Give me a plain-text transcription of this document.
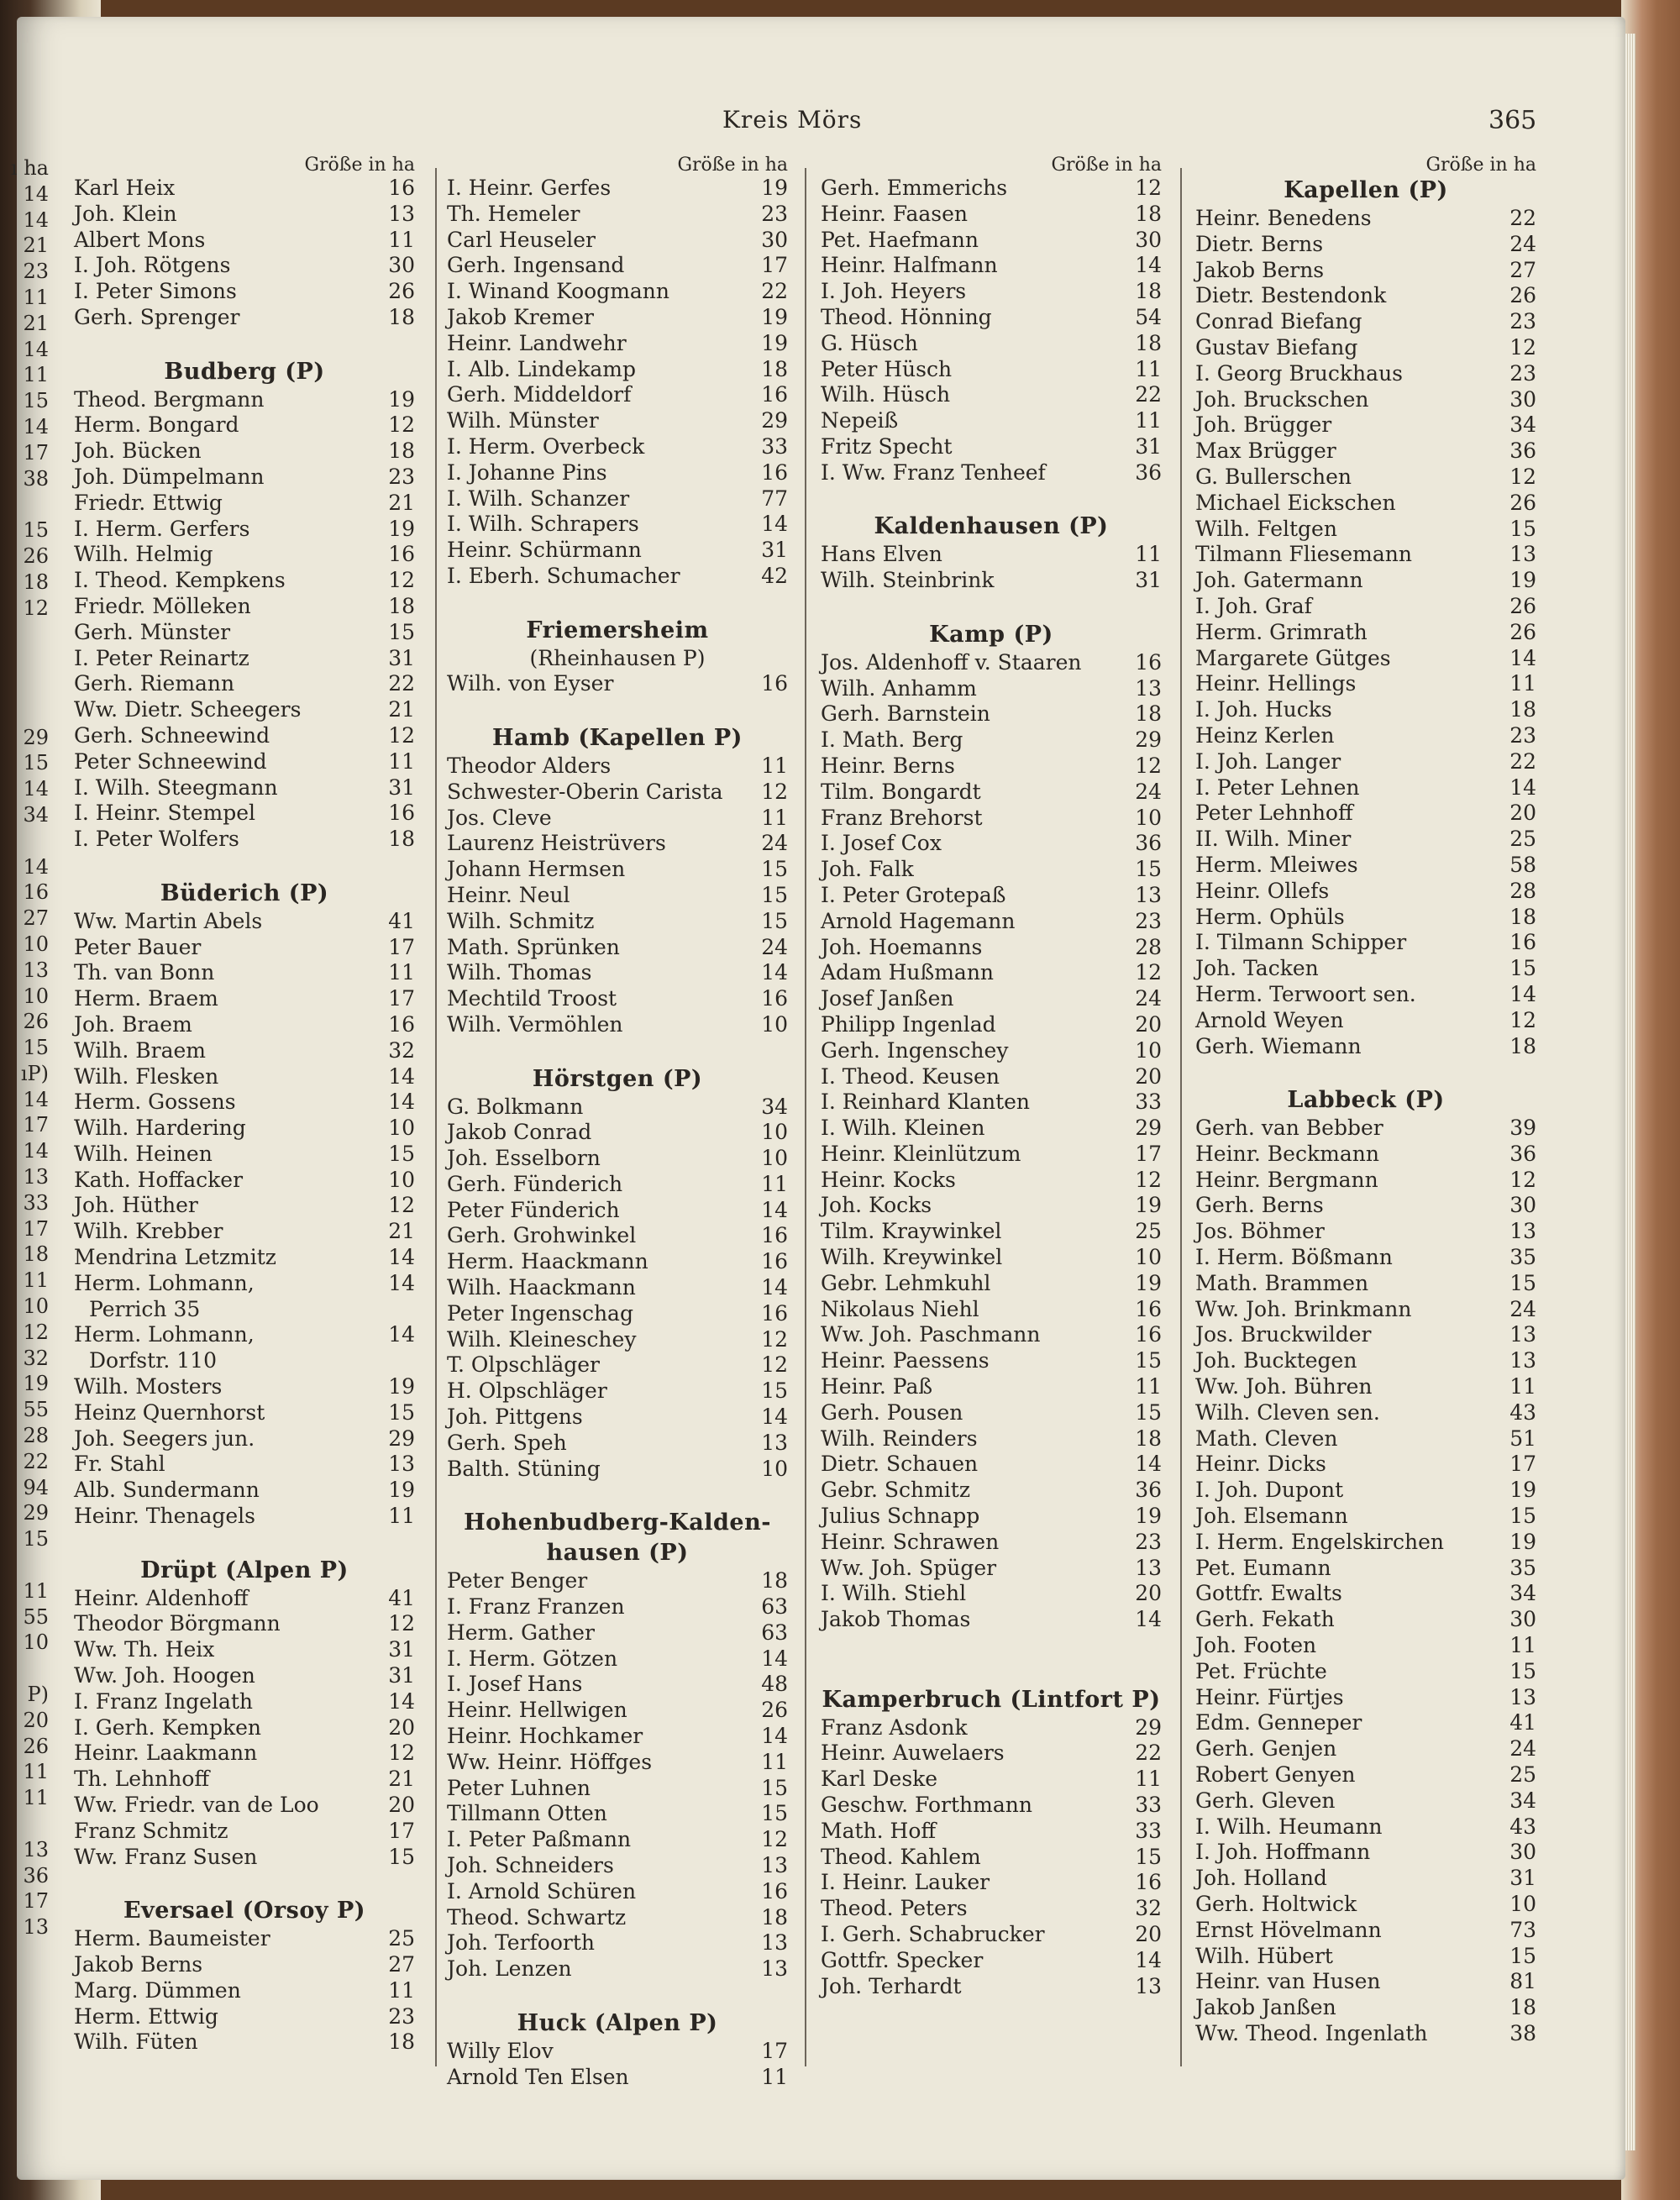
Kreis Mörs	365
ı ha
14
14
21
23
11
21
14
11
15
14
17
38
15
26
18
12
29
15
14
34
14
16
27
10
13
10
26
15
ıP)
14
17
14
13
33
17
18
11
10
12
32
19
55
28
22
94
29
15
11
55
10
P)
20
26
11
11
13
36
17
13
Größe in ha
Karl Heix	16
Joh. Klein	13
Albert Mons	11
I. Joh. Rötgens	30
I. Peter Simons	26
Gerh. Sprenger	18
Budberg (P)
Theod. Bergmann	19
Herm. Bongard	12
Joh. Bücken	18
Joh. Dümpelmann	23
Friedr. Ettwig	21
I. Herm. Gerfers	19
Wilh. Helmig	16
I. Theod. Kempkens	12
Friedr. Mölleken	18
Gerh. Münster	15
I. Peter Reinartz	31
Gerh. Riemann	22
Ww. Dietr. Scheegers	21
Gerh. Schneewind	12
Peter Schneewind	11
I. Wilh. Steegmann	31
I. Heinr. Stempel	16
I. Peter Wolfers	18
Büderich (P)
Ww. Martin Abels	41
Peter Bauer	17
Th. van Bonn	11
Herm. Braem	17
Joh. Braem	16
Wilh. Braem	32
Wilh. Flesken	14
Herm. Gossens	14
Wilh. Hardering	10
Wilh. Heinen	15
Kath. Hoffacker	10
Joh. Hüther	12
Wilh. Krebber	21
Mendrina Letzmitz	14
Herm. Lohmann,	14
Perrich 35
Herm. Lohmann,	14
Dorfstr. 110
Wilh. Mosters	19
Heinz Quernhorst	15
Joh. Seegers jun.	29
Fr. Stahl	13
Alb. Sundermann	19
Heinr. Thenagels	11
Drüpt (Alpen P)
Heinr. Aldenhoff	41
Theodor Börgmann	12
Ww. Th. Heix	31
Ww. Joh. Hoogen	31
I. Franz Ingelath	14
I. Gerh. Kempken	20
Heinr. Laakmann	12
Th. Lehnhoff	21
Ww. Friedr. van de Loo	20
Franz Schmitz	17
Ww. Franz Susen	15
Eversael (Orsoy P)
Herm. Baumeister	25
Jakob Berns	27
Marg. Dümmen	11
Herm. Ettwig	23
Wilh. Füten	18
Größe in ha
I. Heinr. Gerfes	19
Th. Hemeler	23
Carl Heuseler	30
Gerh. Ingensand	17
I. Winand Koogmann	22
Jakob Kremer	19
Heinr. Landwehr	19
I. Alb. Lindekamp	18
Gerh. Middeldorf	16
Wilh. Münster	29
I. Herm. Overbeck	33
I. Johanne Pins	16
I. Wilh. Schanzer	77
I. Wilh. Schrapers	14
Heinr. Schürmann	31
I. Eberh. Schumacher	42
Friemersheim
(Rheinhausen P)
Wilh. von Eyser	16
Hamb (Kapellen P)
Theodor Alders	11
Schwester-Oberin Carista	12
Jos. Cleve	11
Laurenz Heistrüvers	24
Johann Hermsen	15
Heinr. Neul	15
Wilh. Schmitz	15
Math. Sprünken	24
Wilh. Thomas	14
Mechtild Troost	16
Wilh. Vermöhlen	10
Hörstgen (P)
G. Bolkmann	34
Jakob Conrad	10
Joh. Esselborn	10
Gerh. Fünderich	11
Peter Fünderich	14
Gerh. Grohwinkel	16
Herm. Haackmann	16
Wilh. Haackmann	14
Peter Ingenschag	16
Wilh. Kleineschey	12
T. Olpschläger	12
H. Olpschläger	15
Joh. Pittgens	14
Gerh. Speh	13
Balth. Stüning	10
Hohenbudberg-Kalden-
hausen (P)
Peter Benger	18
I. Franz Franzen	63
Herm. Gather	63
I. Herm. Götzen	14
I. Josef Hans	48
Heinr. Hellwigen	26
Heinr. Hochkamer	14
Ww. Heinr. Höffges	11
Peter Luhnen	15
Tillmann Otten	15
I. Peter Paßmann	12
Joh. Schneiders	13
I. Arnold Schüren	16
Theod. Schwartz	18
Joh. Terfoorth	13
Joh. Lenzen	13
Huck (Alpen P)
Willy Elov	17
Arnold Ten Elsen	11
Größe in ha
Gerh. Emmerichs	12
Heinr. Faasen	18
Pet. Haefmann	30
Heinr. Halfmann	14
I. Joh. Heyers	18
Theod. Hönning	54
G. Hüsch	18
Peter Hüsch	11
Wilh. Hüsch	22
Nepeiß	11
Fritz Specht	31
I. Ww. Franz Tenheef	36
Kaldenhausen (P)
Hans Elven	11
Wilh. Steinbrink	31
Kamp (P)
Jos. Aldenhoff v. Staaren	16
Wilh. Anhamm	13
Gerh. Barnstein	18
I. Math. Berg	29
Heinr. Berns	12
Tilm. Bongardt	24
Franz Brehorst	10
I. Josef Cox	36
Joh. Falk	15
I. Peter Grotepaß	13
Arnold Hagemann	23
Joh. Hoemanns	28
Adam Hußmann	12
Josef Janßen	24
Philipp Ingenlad	20
Gerh. Ingenschey	10
I. Theod. Keusen	20
I. Reinhard Klanten	33
I. Wilh. Kleinen	29
Heinr. Kleinlützum	17
Heinr. Kocks	12
Joh. Kocks	19
Tilm. Kraywinkel	25
Wilh. Kreywinkel	10
Gebr. Lehmkuhl	19
Nikolaus Niehl	16
Ww. Joh. Paschmann	16
Heinr. Paessens	15
Heinr. Paß	11
Gerh. Pousen	15
Wilh. Reinders	18
Dietr. Schauen	14
Gebr. Schmitz	36
Julius Schnapp	19
Heinr. Schrawen	23
Ww. Joh. Spüger	13
I. Wilh. Stiehl	20
Jakob Thomas	14
Kamperbruch (Lintfort P)
Franz Asdonk	29
Heinr. Auwelaers	22
Karl Deske	11
Geschw. Forthmann	33
Math. Hoff	33
Theod. Kahlem	15
I. Heinr. Lauker	16
Theod. Peters	32
I. Gerh. Schabrucker	20
Gottfr. Specker	14
Joh. Terhardt	13
Größe in ha
Kapellen (P)
Heinr. Benedens	22
Dietr. Berns	24
Jakob Berns	27
Dietr. Bestendonk	26
Conrad Biefang	23
Gustav Biefang	12
I. Georg Bruckhaus	23
Joh. Bruckschen	30
Joh. Brügger	34
Max Brügger	36
G. Bullerschen	12
Michael Eickschen	26
Wilh. Feltgen	15
Tilmann Fliesemann	13
Joh. Gatermann	19
I. Joh. Graf	26
Herm. Grimrath	26
Margarete Gütges	14
Heinr. Hellings	11
I. Joh. Hucks	18
Heinz Kerlen	23
I. Joh. Langer	22
I. Peter Lehnen	14
Peter Lehnhoff	20
II. Wilh. Miner	25
Herm. Mleiwes	58
Heinr. Ollefs	28
Herm. Ophüls	18
I. Tilmann Schipper	16
Joh. Tacken	15
Herm. Terwoort sen.	14
Arnold Weyen	12
Gerh. Wiemann	18
Labbeck (P)
Gerh. van Bebber	39
Heinr. Beckmann	36
Heinr. Bergmann	12
Gerh. Berns	30
Jos. Böhmer	13
I. Herm. Bößmann	35
Math. Brammen	15
Ww. Joh. Brinkmann	24
Jos. Bruckwilder	13
Joh. Bucktegen	13
Ww. Joh. Bühren	11
Wilh. Cleven sen.	43
Math. Cleven	51
Heinr. Dicks	17
I. Joh. Dupont	19
Joh. Elsemann	15
I. Herm. Engelskirchen	19
Pet. Eumann	35
Gottfr. Ewalts	34
Gerh. Fekath	30
Joh. Footen	11
Pet. Früchte	15
Heinr. Fürtjes	13
Edm. Genneper	41
Gerh. Genjen	24
Robert Genyen	25
Gerh. Gleven	34
I. Wilh. Heumann	43
I. Joh. Hoffmann	30
Joh. Holland	31
Gerh. Holtwick	10
Ernst Hövelmann	73
Wilh. Hübert	15
Heinr. van Husen	81
Jakob Janßen	18
Ww. Theod. Ingenlath	38
